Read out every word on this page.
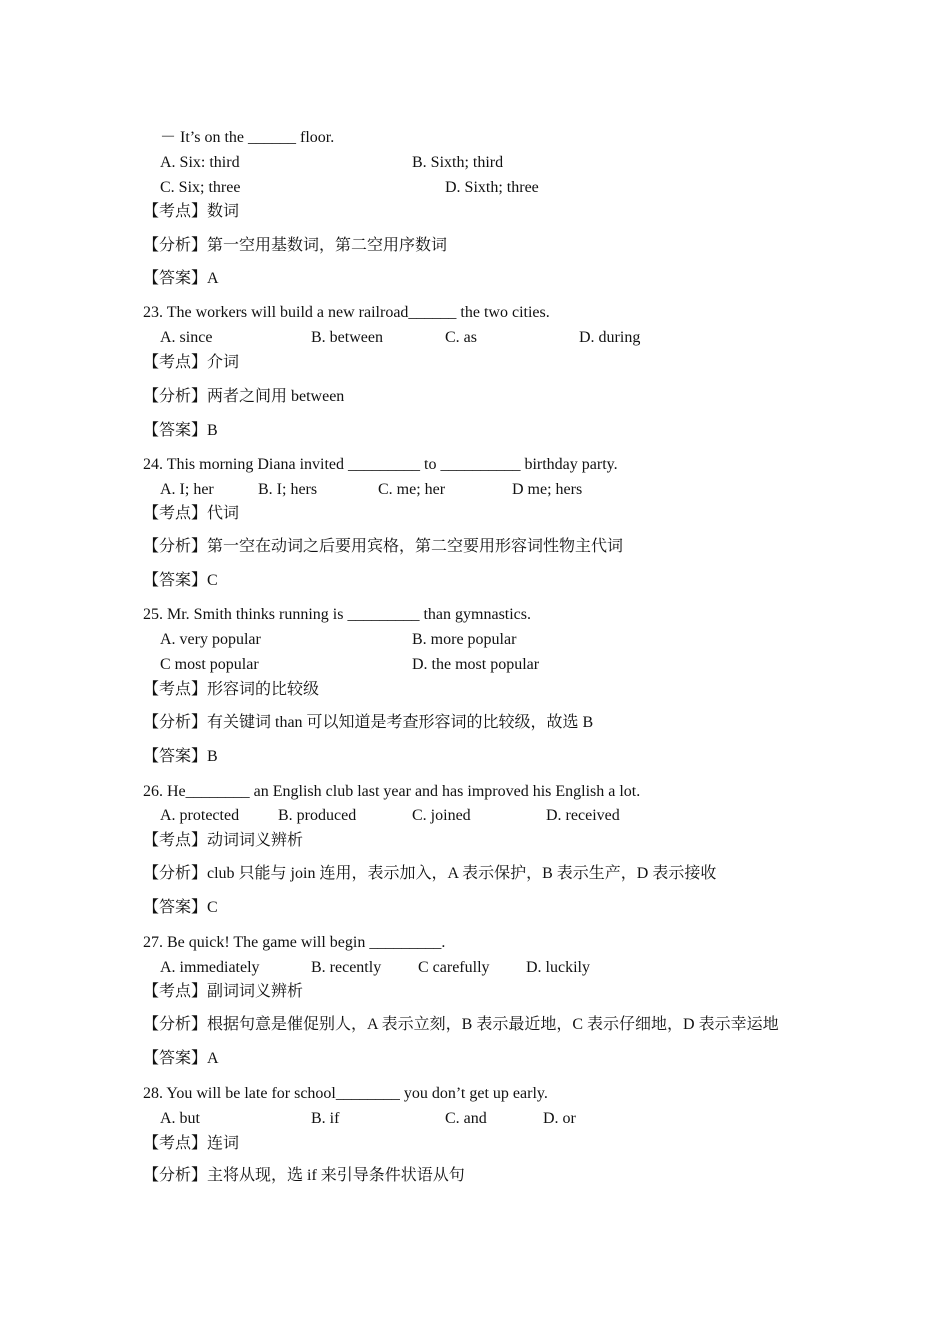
－ It’s on the ______ floor.
A. Six: third	B. Sixth; third
C. Six; three	D. Sixth; three
【考点】数词
【分析】第一空用基数词，第二空用序数词
【答案】A
23. The workers will build a new railroad______ the two cities.
A. since	B. between	C. as	D. during
【考点】介词
【分析】两者之间用 between
【答案】B
24. This morning Diana invited _________ to __________ birthday party.
A. I; her	B. I; hers	C. me; her	D me; hers
【考点】代词
【分析】第一空在动词之后要用宾格，第二空要用形容词性物主代词
【答案】C
25. Mr. Smith thinks running is _________ than gymnastics.
A. very popular	B. more popular
C most popular	D. the most popular
【考点】形容词的比较级
【分析】有关键词 than 可以知道是考查形容词的比较级，故选 B
【答案】B
26. He________ an English club last year and has improved his English a lot.
A. protected B. produced	C. joined	D. received
【考点】动词词义辨析
【分析】club 只能与 join 连用，表示加入，A 表示保护，B 表示生产，D 表示接收
【答案】C
27. Be quick! The game will begin _________.
A. immediately	B. recently C carefully D. luckily
【考点】副词词义辨析
【分析】根据句意是催促别人，A 表示立刻，B 表示最近地，C 表示仔细地，D 表示幸运地
【答案】A
28. You will be late for school________ you don’t get up early.
A. but	B. if	C. and	D. or
【考点】连词
【分析】主将从现，选 if 来引导条件状语从句
